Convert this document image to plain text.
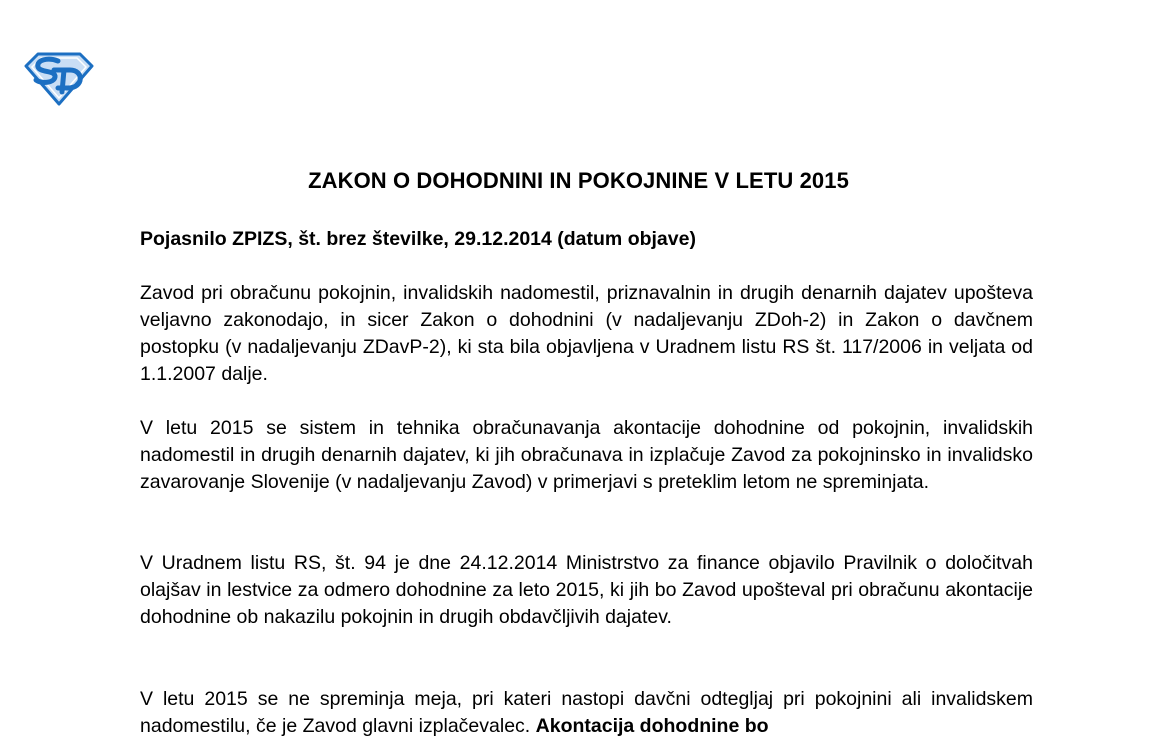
ZAKON O DOHODNINI IN POKOJNINE V LETU 2015

Pojasnilo ZPIZS, št. brez številke, 29.12.2014 (datum objave)

Zavod pri obračunu pokojnin, invalidskih nadomestil, priznavalnin in drugih denarnih dajatev upošteva veljavno zakonodajo, in sicer Zakon o dohodnini (v nadaljevanju ZDoh-2) in Zakon o davčnem postopku (v nadaljevanju ZDavP-2), ki sta bila objavljena v Uradnem listu RS št. 117/2006 in veljata od 1.1.2007 dalje.

V letu 2015 se sistem in tehnika obračunavanja akontacije dohodnine od pokojnin, invalidskih nadomestil in drugih denarnih dajatev, ki jih obračunava in izplačuje Zavod za pokojninsko in invalidsko zavarovanje Slovenije (v nadaljevanju Zavod) v primerjavi s preteklim letom ne spreminjata.

V Uradnem listu RS, št. 94 je dne 24.12.2014 Ministrstvo za finance objavilo Pravilnik o določitvah olajšav in lestvice za odmero dohodnine za leto 2015, ki jih bo Zavod upošteval pri obračunu akontacije dohodnine ob nakazilu pokojnin in drugih obdavčljivih dajatev.

V letu 2015 se ne spreminja meja, pri kateri nastopi davčni odtegljaj pri pokojnini ali invalidskem nadomestilu, če je Zavod glavni izplačevalec. Akontacija dohodnine bo
